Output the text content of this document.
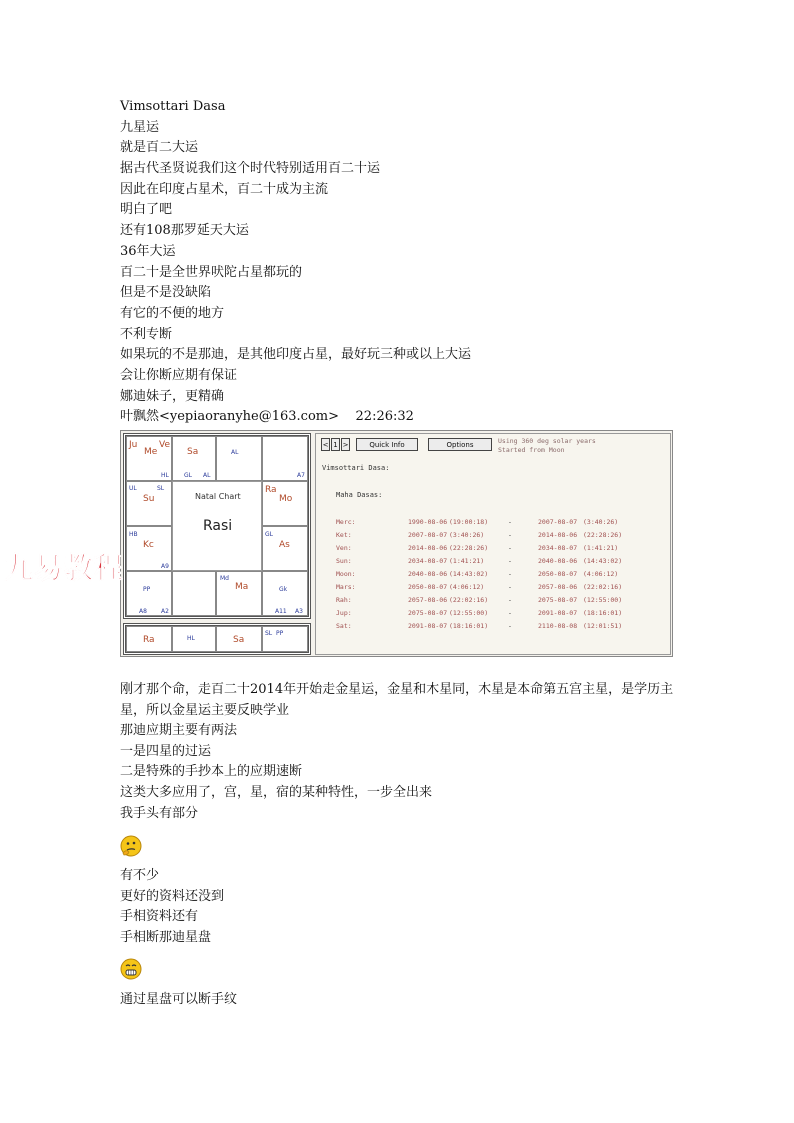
Vimsottari Dasa
九星运
就是百二大运
据古代圣贤说我们这个时代特别适用百二十运
因此在印度占星术，百二十成为主流
明白了吧
还有108那罗延天大运
36年大运
百二十是全世界吠陀占星都玩的
但是不是没缺陷
有它的不便的地方
不利专断
如果玩的不是那迪，是其他印度占星，最好玩三种或以上大运
会让你断应期有保证
娜迪妹子，更精确
叶飘然<yepiaoranyhe@163.com>    22:26:32
Ju
Me
Ve
HL
Sa
GL AL
AL
A7
UL	SL
Su
Ra
Mo
HB
Kc
A9
GL
As
Natal Chart
Rasi
PP
A8 A2
Md
Ma	Gk
A11 A3
Ra	HL	Sa
SL  PP
< 1 >	Quick Info	Options	Using 360 deg solar years
Started from Moon
Vimsottari Dasa:
Maha Dasas:
Merc:	1990-08-06 (19:00:18)	-	2007-08-07 (3:40:26)
Ket:	2007-08-07 (3:40:26)	-	2014-08-06 (22:28:26)
Ven:	2014-08-06 (22:28:26)	-	2034-08-07 (1:41:21)
Sun:	2034-08-07 (1:41:21)	-	2040-08-06 (14:43:02)
Moon:	2040-08-06 (14:43:02)	-	2050-08-07 (4:06:12)
Mars:	2050-08-07 (4:06:12)	-	2057-08-06 (22:02:16)
Rah:	2057-08-06 (22:02:16)	-	2075-08-07 (12:55:00)
Jup:	2075-08-07 (12:55:00)	-	2091-08-07 (18:16:01)
Sat:	2091-08-07 (18:16:01)	-	2110-08-08 (12:01:51)
九易教程
刚才那个命，走百二十2014年开始走金星运，金星和木星同，木星是本命第五宫主星，是学历主星，所以金星运主要反映学业
那迪应期主要有两法
一是四星的过运
二是特殊的手抄本上的应期速断
这类大多应用了，宫，星，宿的某种特性，一步全出来
我手头有部分
有不少
更好的资料还没到
手相资料还有
手相断那迪星盘
通过星盘可以断手纹
